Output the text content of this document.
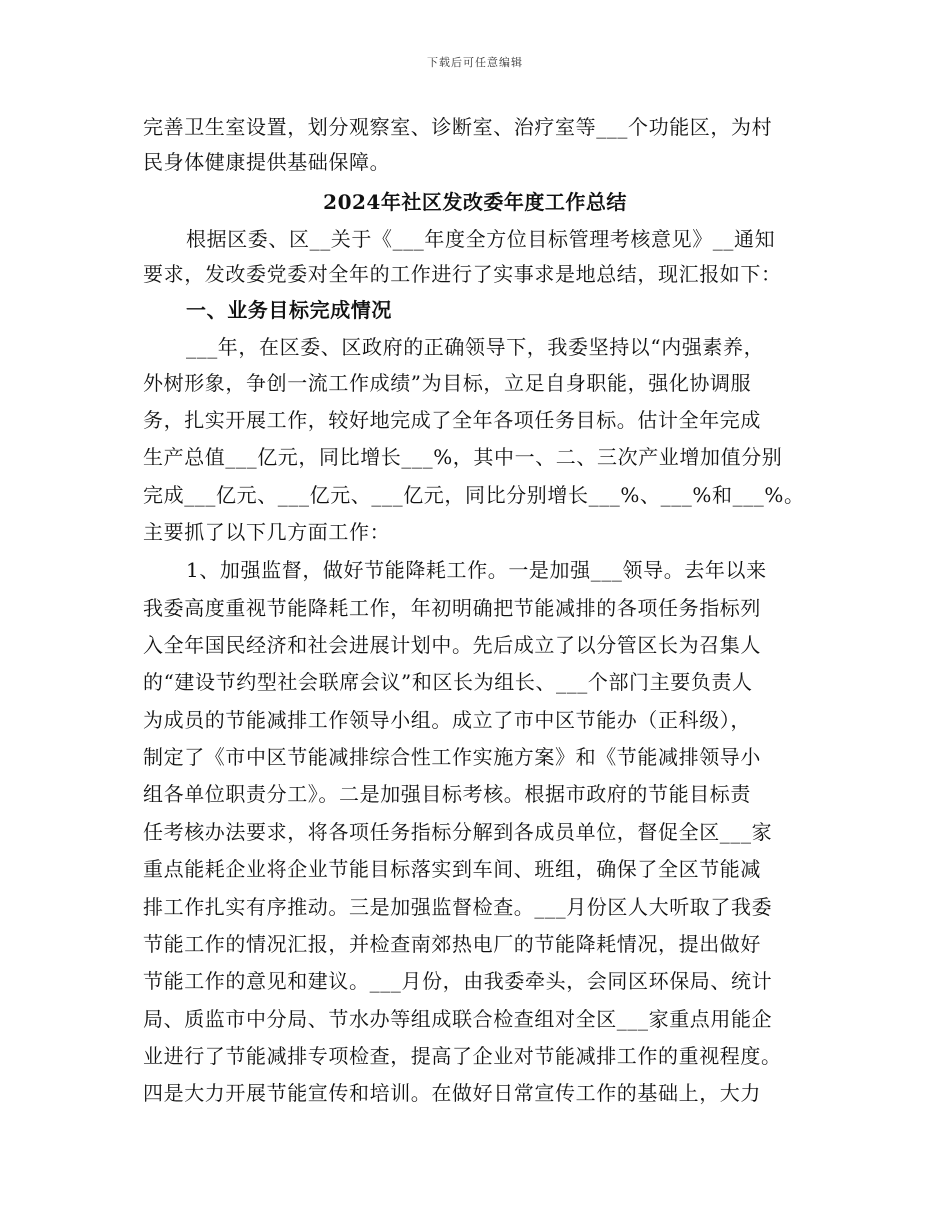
下载后可任意编辑
完善卫生室设置，划分观察室、诊断室、治疗室等___个功能区，为村
民身体健康提供基础保障。
2024年社区发改委年度工作总结
根据区委、区__关于《___年度全方位目标管理考核意见》__通知
要求，发改委党委对全年的工作进行了实事求是地总结，现汇报如下：
一、业务目标完成情况
___年，在区委、区政府的正确领导下，我委坚持以“内强素养，
外树形象，争创一流工作成绩”为目标，立足自身职能，强化协调服
务，扎实开展工作，较好地完成了全年各项任务目标。估计全年完成
生产总值___亿元，同比增长___%，其中一、二、三次产业增加值分别
完成___亿元、___亿元、___亿元，同比分别增长___%、___%和___%。
主要抓了以下几方面工作：
1、加强监督，做好节能降耗工作。一是加强___领导。去年以来
我委高度重视节能降耗工作，年初明确把节能减排的各项任务指标列
入全年国民经济和社会进展计划中。先后成立了以分管区长为召集人
的“建设节约型社会联席会议”和区长为组长、___个部门主要负责人
为成员的节能减排工作领导小组。成立了市中区节能办（正科级），
制定了《市中区节能减排综合性工作实施方案》和《节能减排领导小
组各单位职责分工》。二是加强目标考核。根据市政府的节能目标责
任考核办法要求，将各项任务指标分解到各成员单位，督促全区___家
重点能耗企业将企业节能目标落实到车间、班组，确保了全区节能减
排工作扎实有序推动。三是加强监督检查。___月份区人大听取了我委
节能工作的情况汇报，并检查南郊热电厂的节能降耗情况，提出做好
节能工作的意见和建议。___月份，由我委牵头，会同区环保局、统计
局、质监市中分局、节水办等组成联合检查组对全区___家重点用能企
业进行了节能减排专项检查，提高了企业对节能减排工作的重视程度。
四是大力开展节能宣传和培训。在做好日常宣传工作的基础上，大力
